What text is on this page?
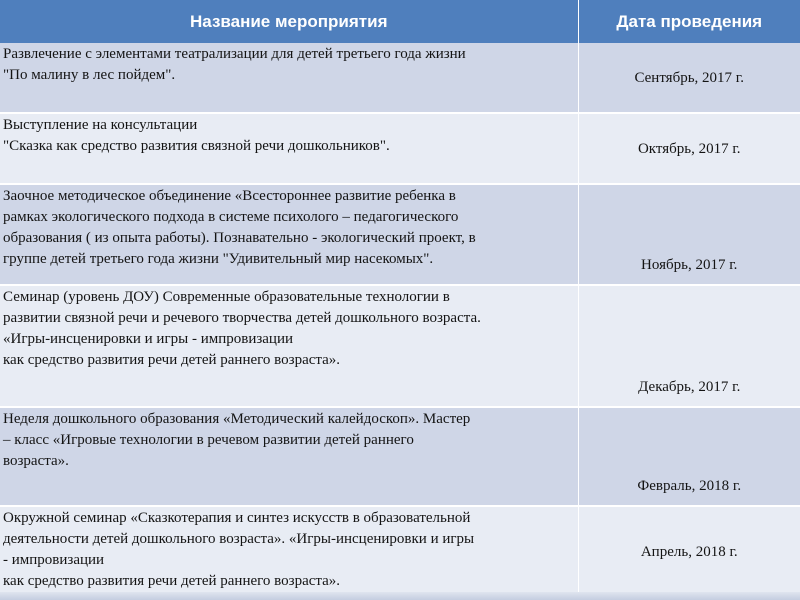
Название мероприятия	Дата проведения

Развлечение с элементами театрализации для детей третьего года жизни
"По малину в лес пойдем".	Сентябрь, 2017 г.

Выступление на консультации
"Сказка как средство развития связной речи дошкольников".	Октябрь, 2017 г.

Заочное методическое объединение «Всестороннее развитие ребенка в
рамках экологического подхода в системе психолого – педагогического
образования ( из опыта работы). Познавательно - экологический проект, в
группе детей третьего года жизни "Удивительный мир насекомых".	Ноябрь, 2017 г.

Семинар (уровень ДОУ) Современные образовательные технологии в
развитии связной речи и речевого творчества детей дошкольного возраста.
«Игры-инсценировки и игры - импровизации
как средство развития речи детей раннего возраста».	Декабрь, 2017 г.

Неделя дошкольного образования «Методический калейдоскоп». Мастер
– класс «Игровые технологии в речевом развитии детей раннего
возраста».	Февраль, 2018 г.

Окружной семинар «Сказкотерапия и синтез искусств в образовательной
деятельности детей дошкольного возраста». «Игры-инсценировки и игры
- импровизации
как средство развития речи детей раннего возраста».	Апрель, 2018 г.
